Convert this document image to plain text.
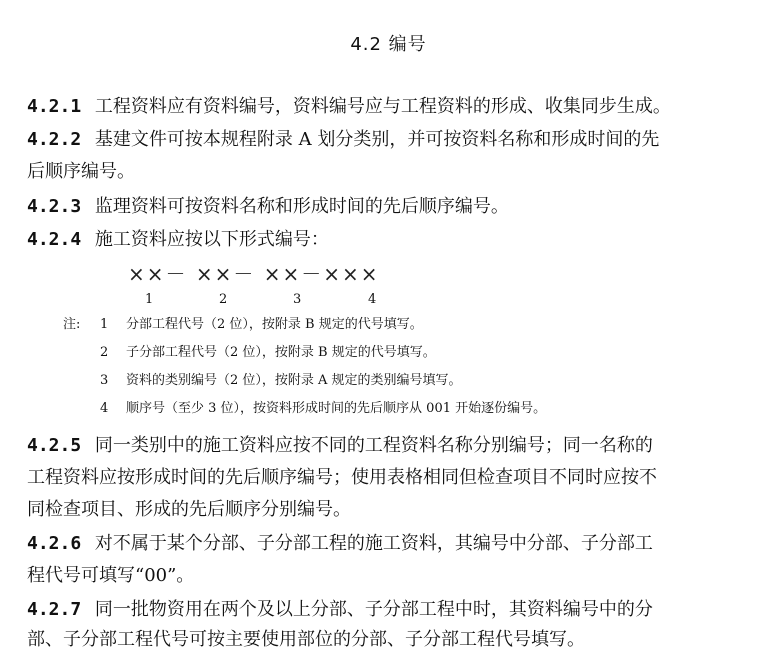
4.2 编号
4.2.1 工程资料应有资料编号，资料编号应与工程资料的形成、收集同步生成。
4.2.2 基建文件可按本规程附录 A 划分类别，并可按资料名称和形成时间的先
后顺序编号。
4.2.3 监理资料可按资料名称和形成时间的先后顺序编号。
4.2.4 施工资料应按以下形式编号：
××－ ××－ ××－×××
1	2	3	4
注: 1 分部工程代号（2 位），按附录 B 规定的代号填写。
2 子分部工程代号（2 位），按附录 B 规定的代号填写。
3 资料的类别编号（2 位），按附录 A 规定的类别编号填写。
4 顺序号（至少 3 位），按资料形成时间的先后顺序从 001 开始逐份编号。
4.2.5 同一类别中的施工资料应按不同的工程资料名称分别编号；同一名称的
工程资料应按形成时间的先后顺序编号；使用表格相同但检查项目不同时应按不
同检查项目、形成的先后顺序分别编号。
4.2.6 对不属于某个分部、子分部工程的施工资料，其编号中分部、子分部工
程代号可填写“00”。
4.2.7 同一批物资用在两个及以上分部、子分部工程中时，其资料编号中的分
部、子分部工程代号可按主要使用部位的分部、子分部工程代号填写。
